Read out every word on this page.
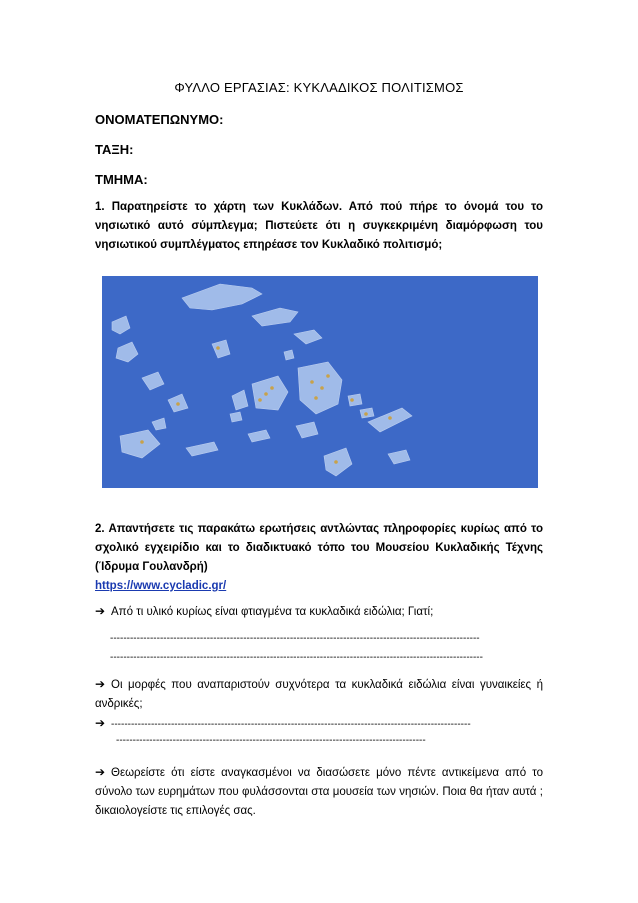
ΦΥΛΛΟ ΕΡΓΑΣΙΑΣ: ΚΥΚΛΑΔΙΚΟΣ ΠΟΛΙΤΙΣΜΟΣ
ΟΝΟΜΑΤΕΠΩΝΥΜΟ:
ΤΑΞΗ:
ΤΜΗΜΑ:
1. Παρατηρείστε το χάρτη των Κυκλάδων. Από πού πήρε το όνομά του το νησιωτικό αυτό σύμπλεγμα; Πιστεύετε ότι η συγκεκριμένη διαμόρφωση του νησιωτικού συμπλέγματος επηρέασε τον Κυκλαδικό πολιτισμό;
2. Απαντήσετε τις παρακάτω ερωτήσεις αντλώντας πληροφορίες κυρίως από το σχολικό εγχειρίδιο και το διαδικτυακό τόπο του Μουσείου Κυκλαδικής Τέχνης (Ίδρυμα Γουλανδρή)
https://www.cycladic.gr/
➔ Από τι υλικό κυρίως είναι φτιαγμένα τα κυκλαδικά ειδώλια; Γιατί;
---------------------------------------------------------------------------------------------------------------
----------------------------------------------------------------------------------------------------------------
➔ Οι μορφές που αναπαριστούν συχνότερα τα κυκλαδικά ειδώλια είναι γυναικείες ή ανδρικές;
➔ ------------------------------------------------------------------------------------------------------------
---------------------------------------------------------------------------------------------
➔ Θεωρείστε ότι είστε αναγκασμένοι να διασώσετε μόνο πέντε αντικείμενα από το σύνολο των ευρημάτων που φυλάσσονται στα μουσεία των νησιών. Ποια θα ήταν αυτά ; δικαιολογείστε τις επιλογές σας.
